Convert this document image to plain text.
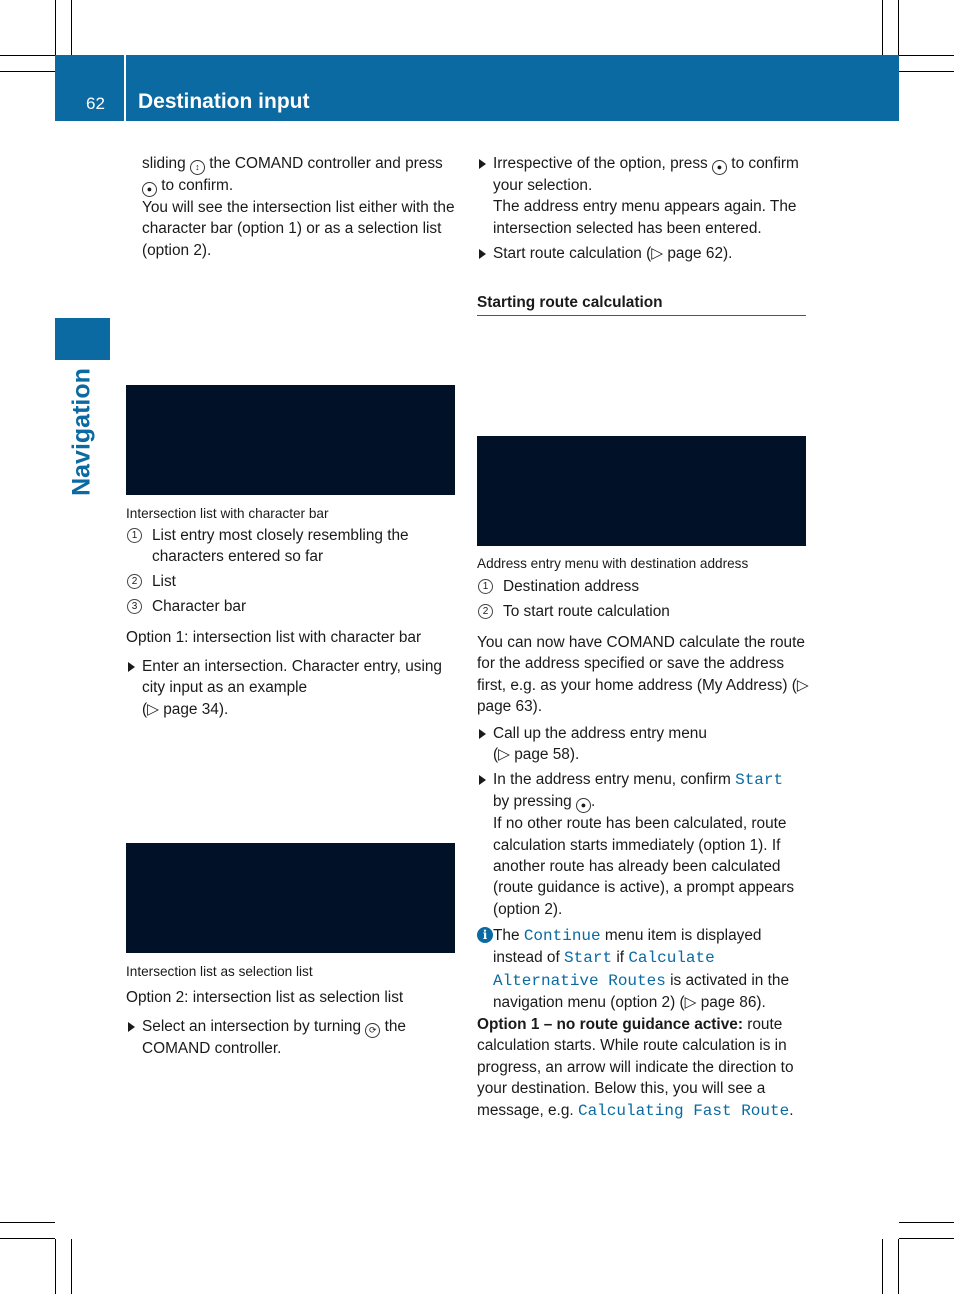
62 Destination input
Navigation

sliding ↕ the COMAND controller and press ● to confirm.

You will see the intersection list either with the character bar (option 1) or as a selection list (option 2).

Intersection list with character bar
1 List entry most closely resembling the characters entered so far
2 List
3 Character bar
Option 1: intersection list with character bar
Enter an intersection. Character entry, using city input as an example
(▷ page 34).
Intersection list as selection list
Option 2: intersection list as selection list
Select an intersection by turning ⟳ the COMAND controller.
Irrespective of the option, press ● to confirm your selection.
The address entry menu appears again. The intersection selected has been entered.
Start route calculation (▷ page 62).
Starting route calculation
Address entry menu with destination address
1 Destination address
2 To start route calculation
You can now have COMAND calculate the route for the address specified or save the address first, e.g. as your home address (My Address) (▷ page 63).
Call up the address entry menu
(▷ page 58).
In the address entry menu, confirm Start
by pressing ● .
If no other route has been calculated, route calculation starts immediately (option 1). If another route has already been calculated (route guidance is active), a prompt appears (option 2).
i The Continue menu item is displayed instead of Start if Calculate Alternative Routes is activated in the navigation menu (option 2) (▷ page 86).
Option 1 – no route guidance active: route calculation starts. While route calculation is in progress, an arrow will indicate the direction to your destination. Below this, you will see a message, e.g. Calculating Fast Route.
